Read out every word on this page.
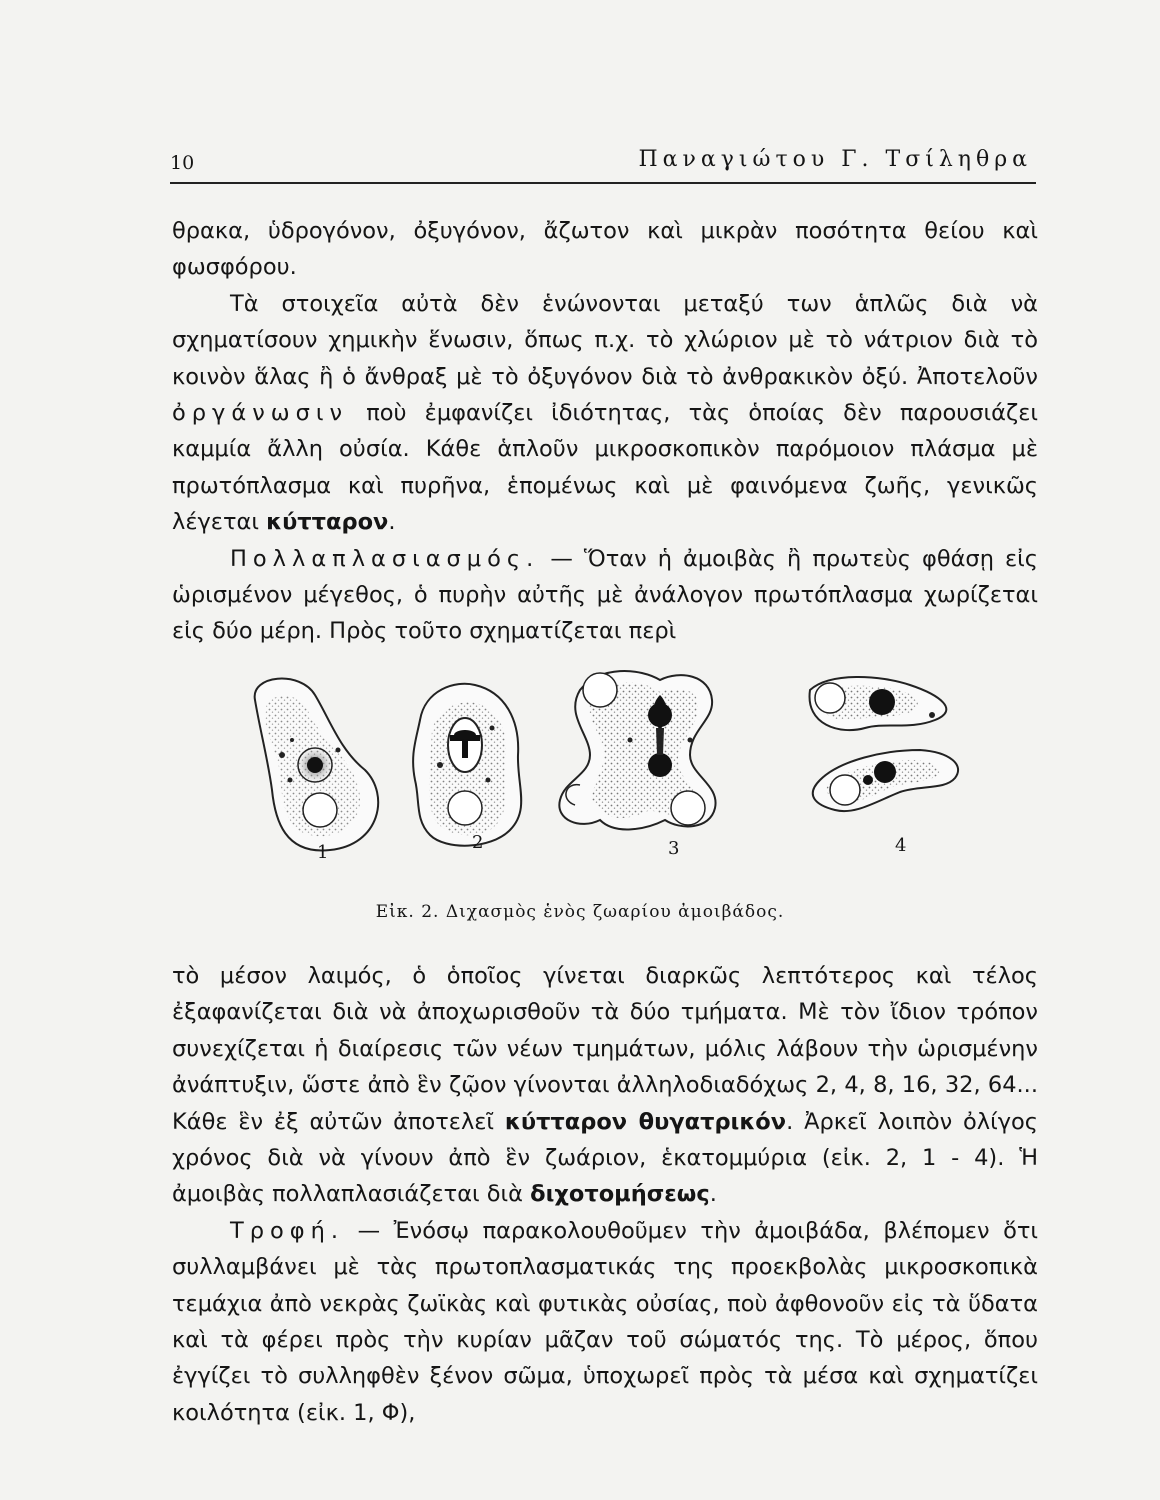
10	Παναγιώτου Γ. Τσίληθρα

θρακα, ὑδρογόνον, ὀξυγόνον, ἄζωτον καὶ μικρὰν ποσότητα θείου καὶ φωσφόρου.

Τὰ στοιχεῖα αὐτὰ δὲν ἑνώνονται μεταξύ των ἁπλῶς διὰ νὰ σχηματίσουν χημικὴν ἕνωσιν, ὅπως π.χ. τὸ χλώριον μὲ τὸ νάτριον διὰ τὸ κοινὸν ἅλας ἢ ὁ ἄνθραξ μὲ τὸ ὀξυγόνον διὰ τὸ ἀνθρακικὸν ὀξύ. Ἀποτελοῦν ὀργάνωσιν ποὺ ἐμφανίζει ἰδιότητας, τὰς ὁποίας δὲν παρουσιάζει καμμία ἄλλη οὐσία. Κάθε ἁπλοῦν μικροσκοπικὸν παρόμοιον πλάσμα μὲ πρωτόπλασμα καὶ πυρῆνα, ἑπομένως καὶ μὲ φαινόμενα ζωῆς, γενικῶς λέγεται κύτταρον.

Πολλαπλασιασμός. — Ὅταν ἡ ἀμοιβὰς ἢ πρωτεὺς φθάσῃ εἰς ὡρισμένον μέγεθος, ὁ πυρὴν αὐτῆς μὲ ἀνάλογον πρωτόπλασμα χωρίζεται εἰς δύο μέρη. Πρὸς τοῦτο σχηματίζεται περὶ

1	2	3	4
Εἰκ. 2. Διχασμὸς ἑνὸς ζωαρίου ἀμοιβάδος.

τὸ μέσον λαιμός, ὁ ὁποῖος γίνεται διαρκῶς λεπτότερος καὶ τέλος ἐξαφανίζεται διὰ νὰ ἀποχωρισθοῦν τὰ δύο τμήματα. Μὲ τὸν ἴδιον τρόπον συνεχίζεται ἡ διαίρεσις τῶν νέων τμημάτων, μόλις λάβουν τὴν ὡρισμένην ἀνάπτυξιν, ὥστε ἀπὸ ἓν ζῷον γίνονται ἀλληλοδιαδόχως 2, 4, 8, 16, 32, 64... Κάθε ἓν ἐξ αὐτῶν ἀποτελεῖ κύτταρον θυγατρικόν. Ἀρκεῖ λοιπὸν ὀλίγος χρόνος διὰ νὰ γίνουν ἀπὸ ἓν ζωάριον, ἑκατομμύρια (εἰκ. 2, 1 - 4). Ἡ ἀμοιβὰς πολλαπλασιάζεται διὰ διχοτομήσεως.

Τροφή. — Ἐνόσῳ παρακολουθοῦμεν τὴν ἀμοιβάδα, βλέπομεν ὅτι συλλαμβάνει μὲ τὰς πρωτοπλασματικάς της προεκβολὰς μικροσκοπικὰ τεμάχια ἀπὸ νεκρὰς ζωϊκὰς καὶ φυτικὰς οὐσίας, ποὺ ἀφθονοῦν εἰς τὰ ὕδατα καὶ τὰ φέρει πρὸς τὴν κυρίαν μᾶζαν τοῦ σώματός της. Τὸ μέρος, ὅπου ἐγγίζει τὸ συλληφθὲν ξένον σῶμα, ὑποχωρεῖ πρὸς τὰ μέσα καὶ σχηματίζει κοιλότητα (εἰκ. 1, Φ),
